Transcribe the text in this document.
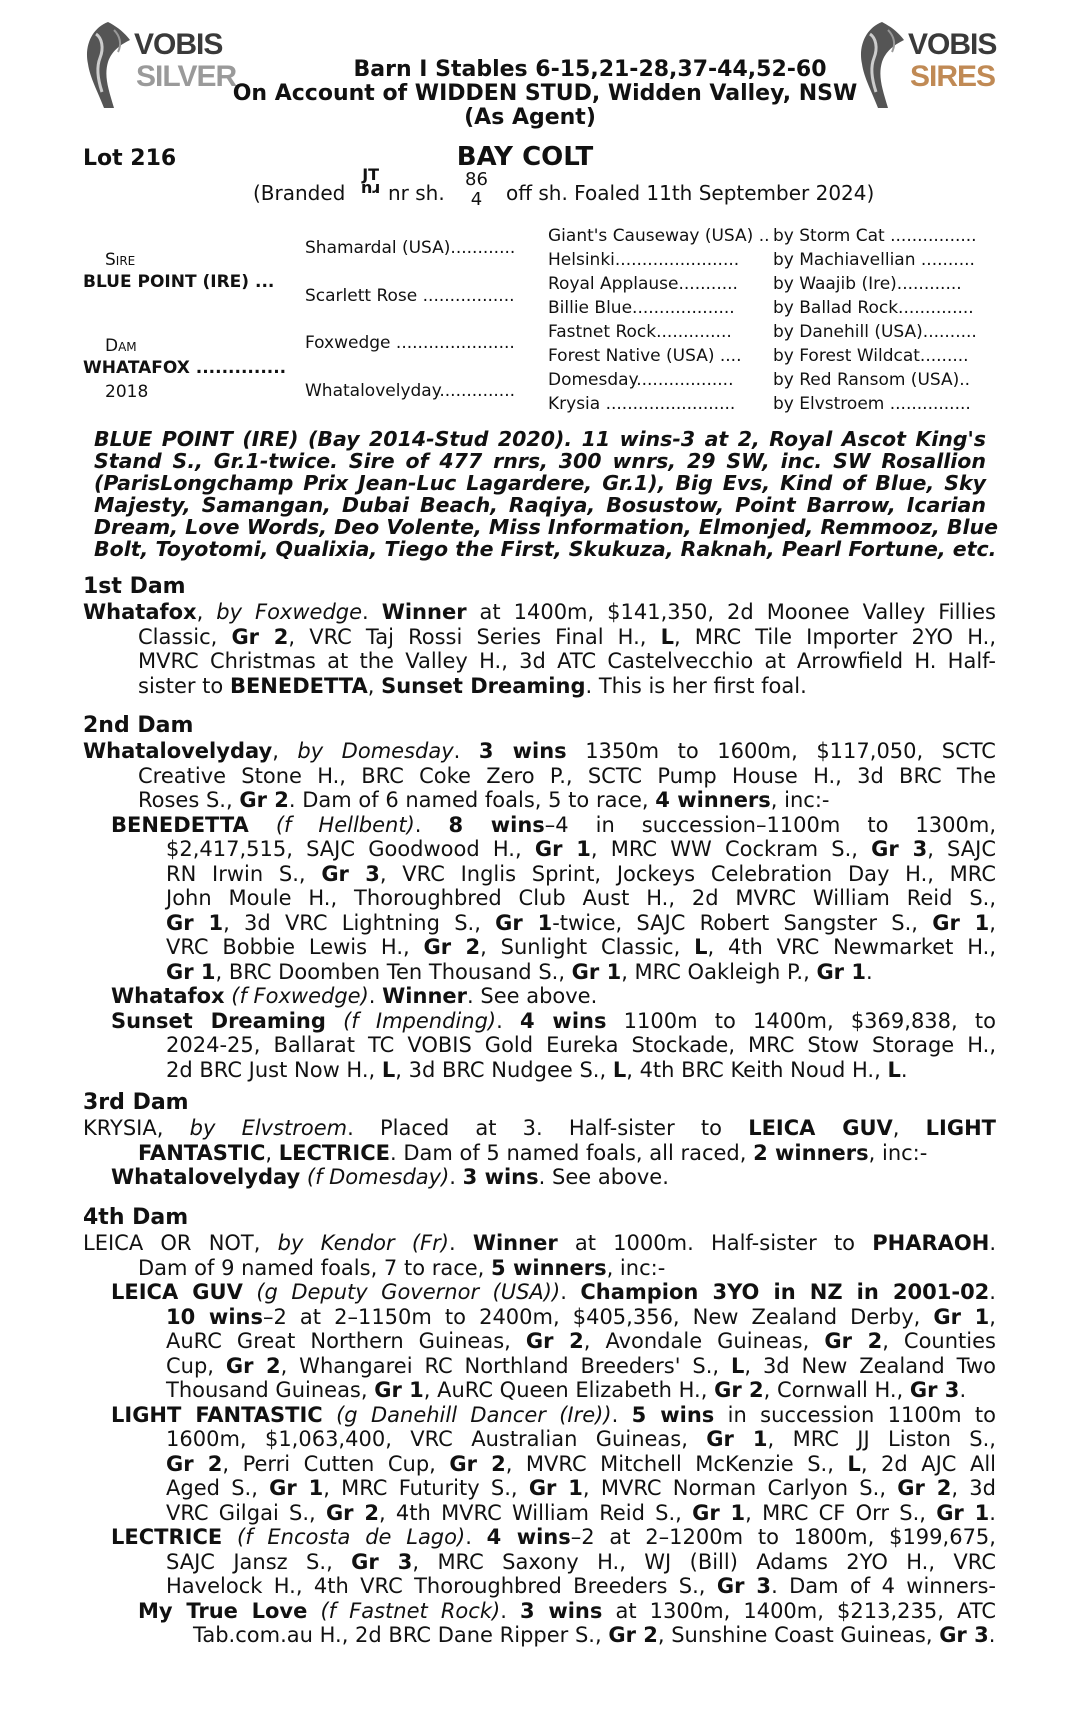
VOBIS
SILVER
VOBIS
SIRES
Barn I Stables 6-15,21-28,37-44,52-60
On Account of WIDDEN STUD, Widden Valley, NSW
(As Agent)
Lot 216	BAY COLT
(Branded
JT
ru nr sh.
86
4 off sh. Foaled 11th September 2024)
Sire
BLUE POINT (IRE) ...
Dam
WHATAFOX ..............
2018
Shamardal (USA)............
Scarlett Rose .................
Foxwedge ......................
Whatalovelyday..............
Giant's Causeway (USA) ..
Helsinki.......................
Royal Applause...........
Billie Blue...................
Fastnet Rock..............
Forest Native (USA) ....
Domesday..................
Krysia ........................
by Storm Cat ................
by Machiavellian ..........
by Waajib (Ire)............
by Ballad Rock..............
by Danehill (USA)..........
by Forest Wildcat.........
by Red Ransom (USA)..
by Elvstroem ...............
BLUE POINT (IRE) (Bay 2014-Stud 2020). 11 wins-3 at 2, Royal Ascot King's
Stand S., Gr.1-twice. Sire of 477 rnrs, 300 wnrs, 29 SW, inc. SW Rosallion
(ParisLongchamp Prix Jean-Luc Lagardere, Gr.1), Big Evs, Kind of Blue, Sky
Majesty, Samangan, Dubai Beach, Raqiya, Bosustow, Point Barrow, Icarian
Dream, Love Words, Deo Volente, Miss Information, Elmonjed, Remmooz, Blue
Bolt, Toyotomi, Qualixia, Tiego the First, Skukuza, Raknah, Pearl Fortune, etc.
1st Dam
Whatafox, by Foxwedge. Winner at 1400m, $141,350, 2d Moonee Valley Fillies
Classic, Gr 2, VRC Taj Rossi Series Final H., L, MRC Tile Importer 2YO H.,
MVRC Christmas at the Valley H., 3d ATC Castelvecchio at Arrowfield H. Half-
sister to BENEDETTA, Sunset Dreaming. This is her first foal.
2nd Dam
Whatalovelyday, by Domesday. 3 wins 1350m to 1600m, $117,050, SCTC
Creative Stone H., BRC Coke Zero P., SCTC Pump House H., 3d BRC The
Roses S., Gr 2. Dam of 6 named foals, 5 to race, 4 winners, inc:-
BENEDETTA (f Hellbent). 8 wins–4 in succession–1100m to 1300m,
$2,417,515, SAJC Goodwood H., Gr 1, MRC WW Cockram S., Gr 3, SAJC
RN Irwin S., Gr 3, VRC Inglis Sprint, Jockeys Celebration Day H., MRC
John Moule H., Thoroughbred Club Aust H., 2d MVRC William Reid S.,
Gr 1, 3d VRC Lightning S., Gr 1-twice, SAJC Robert Sangster S., Gr 1,
VRC Bobbie Lewis H., Gr 2, Sunlight Classic, L, 4th VRC Newmarket H.,
Gr 1, BRC Doomben Ten Thousand S., Gr 1, MRC Oakleigh P., Gr 1.
Whatafox (f Foxwedge). Winner. See above.
Sunset Dreaming (f Impending). 4 wins 1100m to 1400m, $369,838, to
2024-25, Ballarat TC VOBIS Gold Eureka Stockade, MRC Stow Storage H.,
2d BRC Just Now H., L, 3d BRC Nudgee S., L, 4th BRC Keith Noud H., L.
3rd Dam
KRYSIA, by Elvstroem. Placed at 3. Half-sister to LEICA GUV, LIGHT
FANTASTIC, LECTRICE. Dam of 5 named foals, all raced, 2 winners, inc:-
Whatalovelyday (f Domesday). 3 wins. See above.
4th Dam
LEICA OR NOT, by Kendor (Fr). Winner at 1000m. Half-sister to PHARAOH.
Dam of 9 named foals, 7 to race, 5 winners, inc:-
LEICA GUV (g Deputy Governor (USA)). Champion 3YO in NZ in 2001-02.
10 wins–2 at 2–1150m to 2400m, $405,356, New Zealand Derby, Gr 1,
AuRC Great Northern Guineas, Gr 2, Avondale Guineas, Gr 2, Counties
Cup, Gr 2, Whangarei RC Northland Breeders' S., L, 3d New Zealand Two
Thousand Guineas, Gr 1, AuRC Queen Elizabeth H., Gr 2, Cornwall H., Gr 3.
LIGHT FANTASTIC (g Danehill Dancer (Ire)). 5 wins in succession 1100m to
1600m, $1,063,400, VRC Australian Guineas, Gr 1, MRC JJ Liston S.,
Gr 2, Perri Cutten Cup, Gr 2, MVRC Mitchell McKenzie S., L, 2d AJC All
Aged S., Gr 1, MRC Futurity S., Gr 1, MVRC Norman Carlyon S., Gr 2, 3d
VRC Gilgai S., Gr 2, 4th MVRC William Reid S., Gr 1, MRC CF Orr S., Gr 1.
LECTRICE (f Encosta de Lago). 4 wins–2 at 2–1200m to 1800m, $199,675,
SAJC Jansz S., Gr 3, MRC Saxony H., WJ (Bill) Adams 2YO H., VRC
Havelock H., 4th VRC Thoroughbred Breeders S., Gr 3. Dam of 4 winners-
My True Love (f Fastnet Rock). 3 wins at 1300m, 1400m, $213,235, ATC
Tab.com.au H., 2d BRC Dane Ripper S., Gr 2, Sunshine Coast Guineas, Gr 3.
